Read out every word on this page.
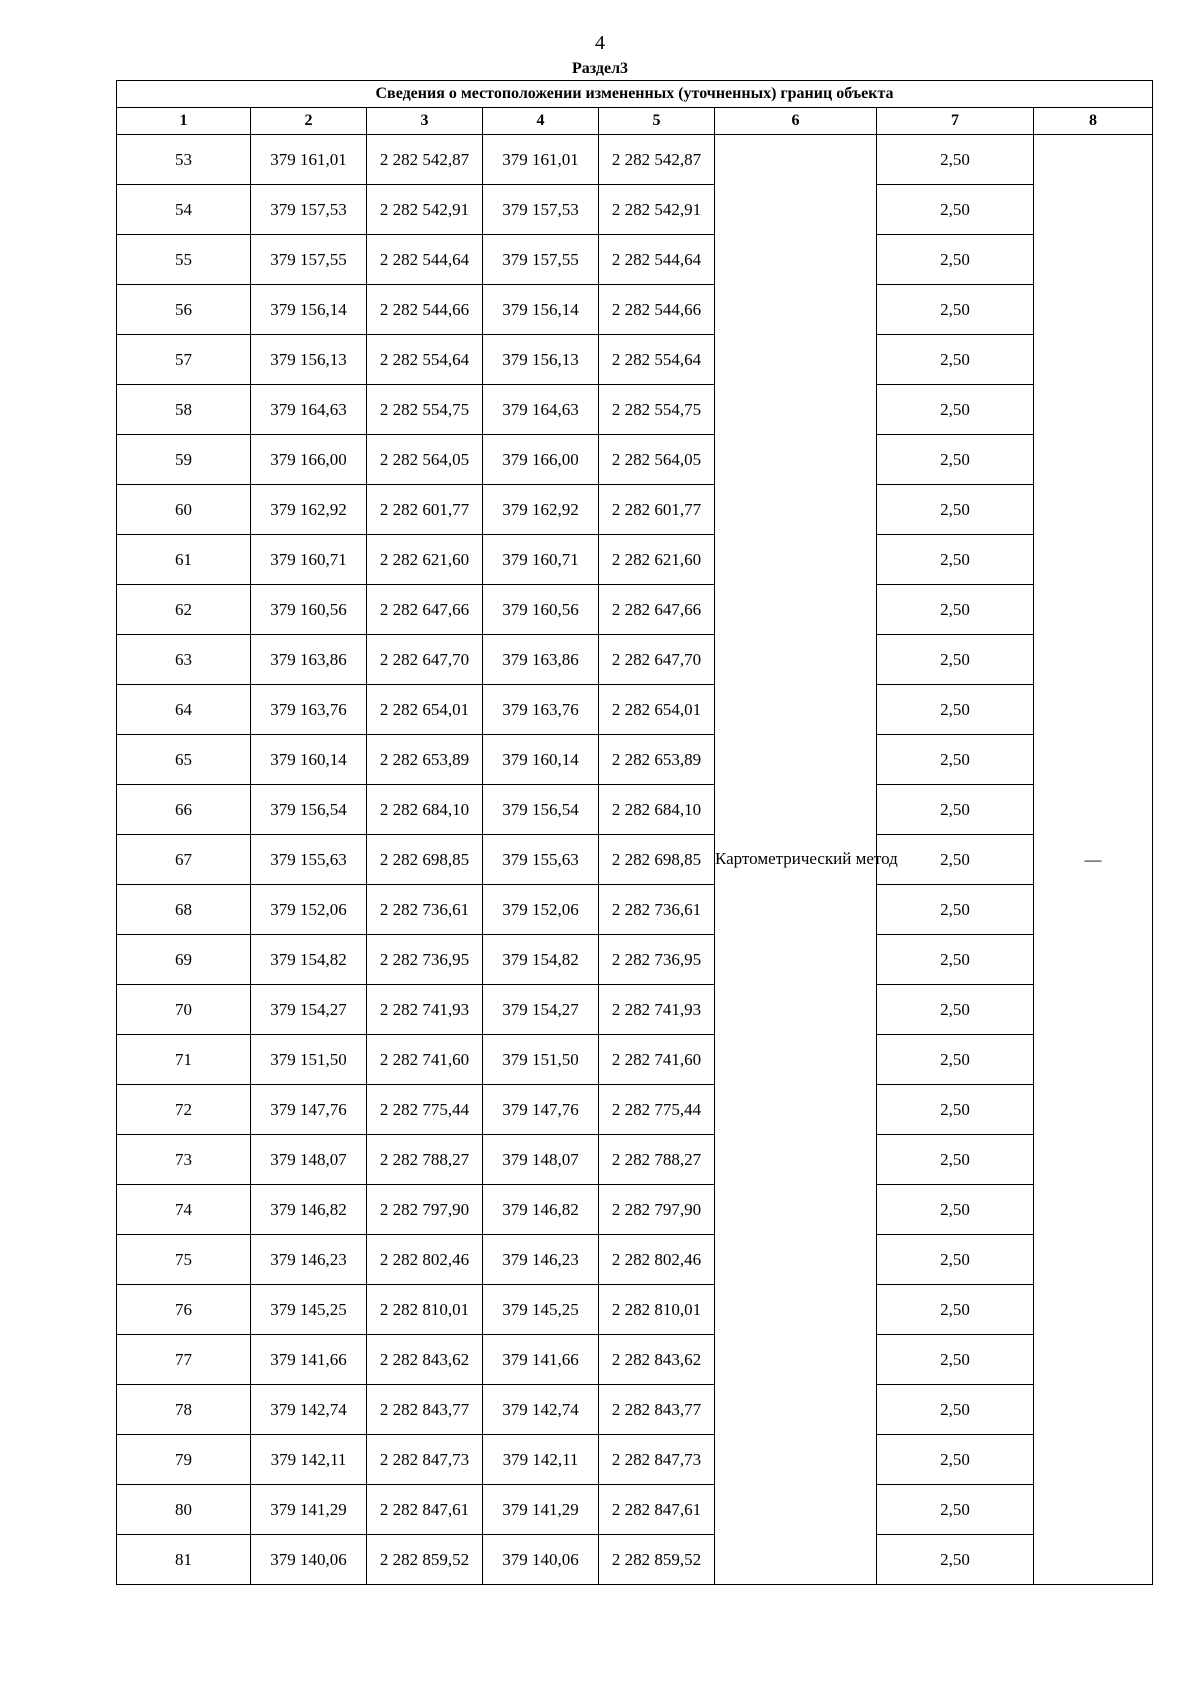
4
Раздел3
Сведения о местоположении измененных (уточненных) границ объекта							
1	2	3	4	5	6	7	8
53	379 161,01	2 282 542,87	379 161,01	2 282 542,87	Картометрический метод	2,50	—
54	379 157,53	2 282 542,91	379 157,53	2 282 542,91		2,50	
55	379 157,55	2 282 544,64	379 157,55	2 282 544,64		2,50	
56	379 156,14	2 282 544,66	379 156,14	2 282 544,66		2,50	
57	379 156,13	2 282 554,64	379 156,13	2 282 554,64		2,50	
58	379 164,63	2 282 554,75	379 164,63	2 282 554,75		2,50	
59	379 166,00	2 282 564,05	379 166,00	2 282 564,05		2,50	
60	379 162,92	2 282 601,77	379 162,92	2 282 601,77		2,50	
61	379 160,71	2 282 621,60	379 160,71	2 282 621,60		2,50	
62	379 160,56	2 282 647,66	379 160,56	2 282 647,66		2,50	
63	379 163,86	2 282 647,70	379 163,86	2 282 647,70		2,50	
64	379 163,76	2 282 654,01	379 163,76	2 282 654,01		2,50	
65	379 160,14	2 282 653,89	379 160,14	2 282 653,89		2,50	
66	379 156,54	2 282 684,10	379 156,54	2 282 684,10		2,50	
67	379 155,63	2 282 698,85	379 155,63	2 282 698,85		2,50	
68	379 152,06	2 282 736,61	379 152,06	2 282 736,61		2,50	
69	379 154,82	2 282 736,95	379 154,82	2 282 736,95		2,50	
70	379 154,27	2 282 741,93	379 154,27	2 282 741,93		2,50	
71	379 151,50	2 282 741,60	379 151,50	2 282 741,60		2,50	
72	379 147,76	2 282 775,44	379 147,76	2 282 775,44		2,50	
73	379 148,07	2 282 788,27	379 148,07	2 282 788,27		2,50	
74	379 146,82	2 282 797,90	379 146,82	2 282 797,90		2,50	
75	379 146,23	2 282 802,46	379 146,23	2 282 802,46		2,50	
76	379 145,25	2 282 810,01	379 145,25	2 282 810,01		2,50	
77	379 141,66	2 282 843,62	379 141,66	2 282 843,62		2,50	
78	379 142,74	2 282 843,77	379 142,74	2 282 843,77		2,50	
79	379 142,11	2 282 847,73	379 142,11	2 282 847,73		2,50	
80	379 141,29	2 282 847,61	379 141,29	2 282 847,61		2,50	
81	379 140,06	2 282 859,52	379 140,06	2 282 859,52		2,50	
